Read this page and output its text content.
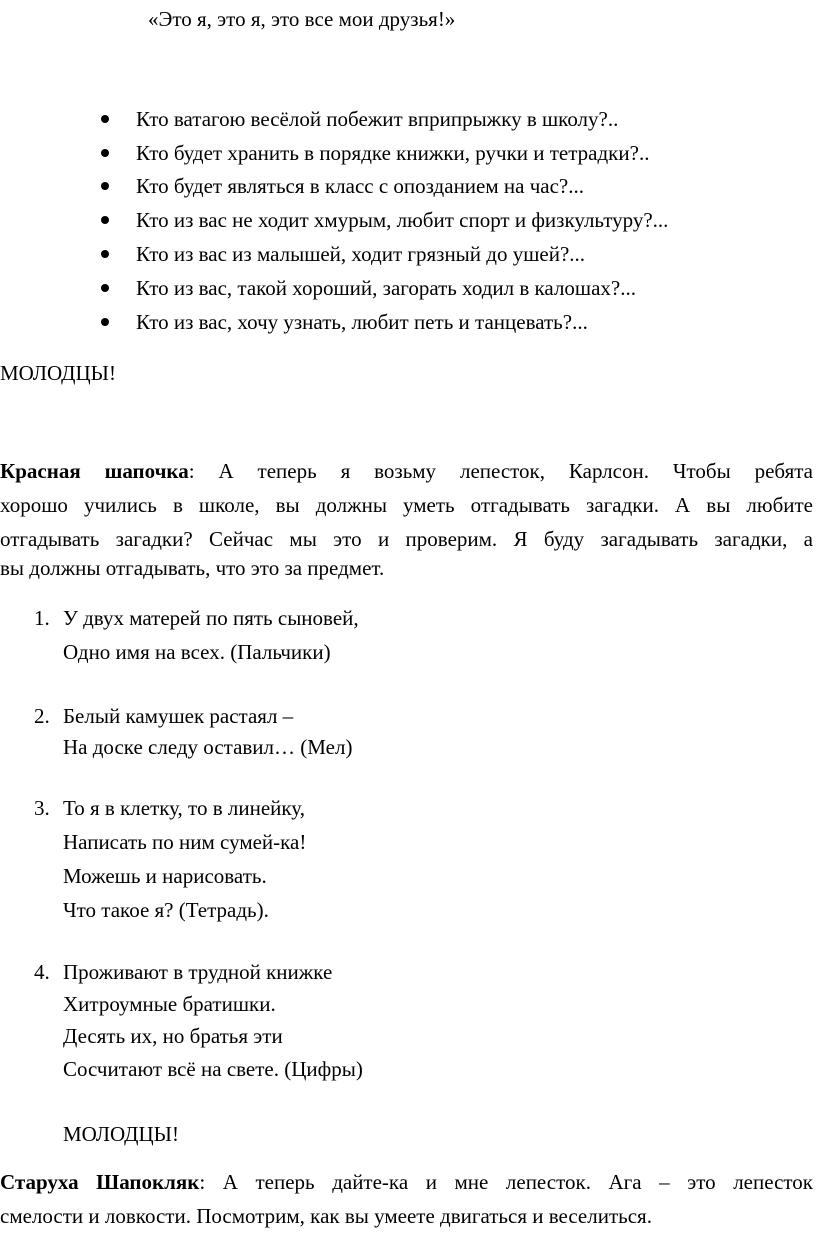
«Это я, это я, это все мои друзья!»
Кто ватагою весёлой побежит вприпрыжку в школу?..
Кто будет хранить в порядке книжки, ручки и тетрадки?..
Кто будет являться в класс с опозданием на час?...
Кто из вас не ходит хмурым, любит спорт и физкультуру?...
Кто из вас из малышей, ходит грязный до ушей?...
Кто из вас, такой хороший, загорать ходил в калошах?...
Кто из вас, хочу узнать, любит петь и танцевать?...
МОЛОДЦЫ!
Красная шапочка: А теперь я возьму лепесток, Карлсон. Чтобы ребята
хорошо учились в школе, вы должны уметь отгадывать загадки. А вы любите
отгадывать загадки? Сейчас мы это и проверим. Я буду загадывать загадки, а
вы должны отгадывать, что это за предмет.
1. У двух матерей по пять сыновей,
Одно имя на всех. (Пальчики)
2. Белый камушек растаял –
На доске следу оставил… (Мел)
3. То я в клетку, то в линейку,
Написать по ним сумей-ка!
Можешь и нарисовать.
Что такое я? (Тетрадь).
4. Проживают в трудной книжке
Хитроумные братишки.
Десять их, но братья эти
Сосчитают всё на свете. (Цифры)
МОЛОДЦЫ!
Старуха Шапокляк: А теперь дайте-ка и мне лепесток. Ага – это лепесток
смелости и ловкости. Посмотрим, как вы умеете двигаться и веселиться.
